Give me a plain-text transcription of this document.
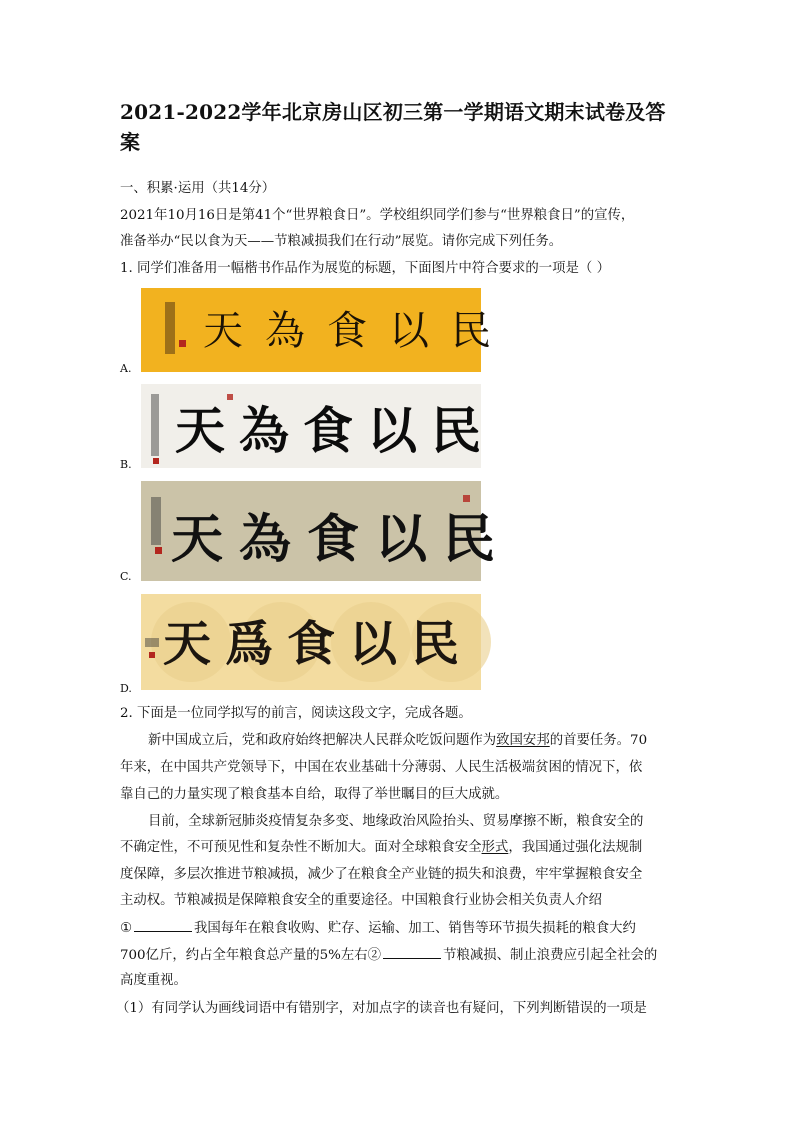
2021-2022学年北京房山区初三第一学期语文期末试卷及答
案
一、积累·运用（共14分）
2021年10月16日是第41个“世界粮食日”。学校组织同学们参与“世界粮食日”的宣传，
准备举办“民以食为天——节粮减损我们在行动”展览。请你完成下列任务。
1. 同学们准备用一幅楷书作品作为展览的标题，下面图片中符合要求的一项是（ ）
天為食以民
A.
天為食以民
B.
天為食以民
C.
天爲食以民
D.
2. 下面是一位同学拟写的前言，阅读这段文字，完成各题。
新中国成立后，党和政府始终把解决人民群众吃饭问题作为致国安邦的首要任务。70
年来，在中国共产党领导下，中国在农业基础十分薄弱、人民生活极端贫困的情况下，依
靠自己的力量实现了粮食基本自给，取得了举世瞩目的巨大成就。
目前，全球新冠肺炎疫情复杂多变、地缘政治风险抬头、贸易摩擦不断，粮食安全的
不确定性，不可预见性和复杂性不断加大。面对全球粮食安全形式，我国通过强化法规制
度保障，多层次推进节粮减损，减少了在粮食全产业链的损失和浪费，牢牢掌握粮食安全
主动权。节粮减损是保障粮食安全的重要途径。中国粮食行业协会相关负责人介绍
①	我国每年在粮食收购、贮存、运输、加工、销售等环节损失损耗的粮食大约
700亿斤，约占全年粮食总产量的5%左右②	节粮减损、制止浪费应引起全社会的
高度重视。
（1）有同学认为画线词语中有错别字，对加点字的读音也有疑问，下列判断错误的一项是
